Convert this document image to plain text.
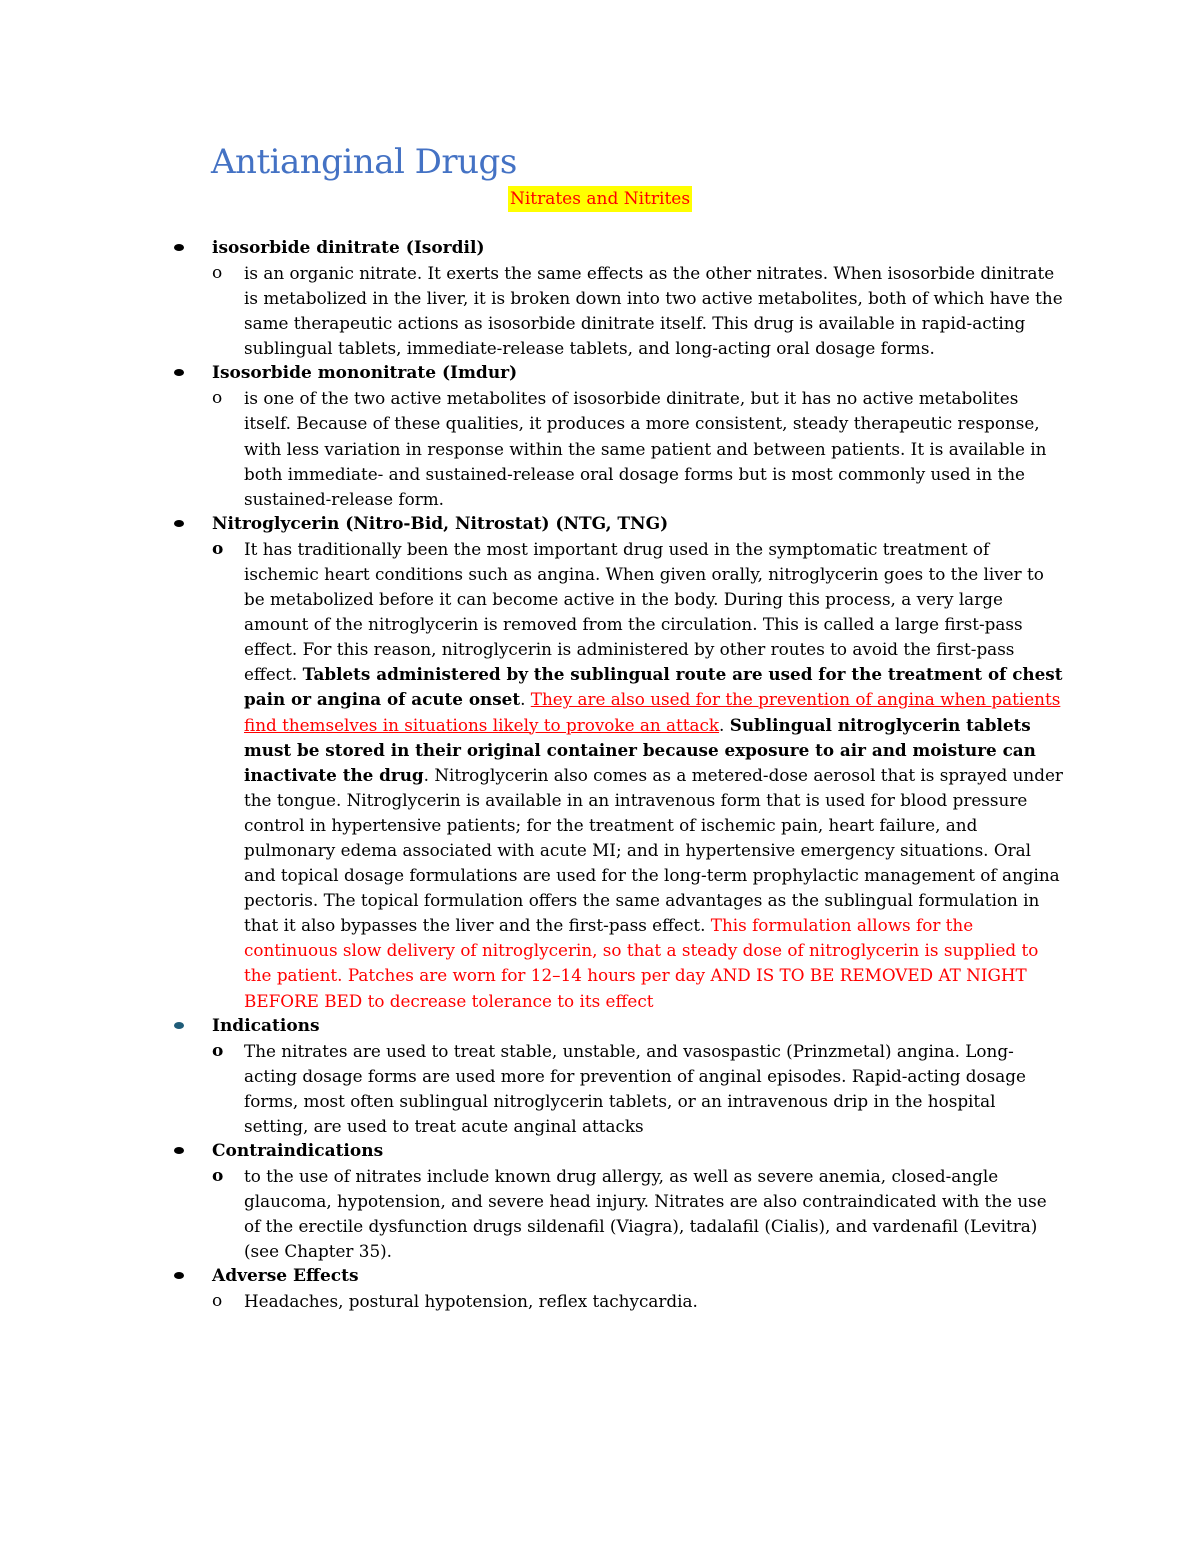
Antianginal Drugs
Nitrates and Nitrites
isosorbide dinitrate (Isordil)
o is an organic nitrate. It exerts the same effects as the other nitrates. When isosorbide dinitrate is metabolized in the liver, it is broken down into two active metabolites, both of which have the same therapeutic actions as isosorbide dinitrate itself. This drug is available in rapid-acting sublingual tablets, immediate-release tablets, and long-acting oral dosage forms.
Isosorbide mononitrate (Imdur)
o is one of the two active metabolites of isosorbide dinitrate, but it has no active metabolites itself. Because of these qualities, it produces a more consistent, steady therapeutic response, with less variation in response within the same patient and between patients. It is available in both immediate- and sustained-release oral dosage forms but is most commonly used in the sustained-release form.
Nitroglycerin (Nitro-Bid, Nitrostat) (NTG, TNG)
o It has traditionally been the most important drug used in the symptomatic treatment of ischemic heart conditions such as angina. When given orally, nitroglycerin goes to the liver to be metabolized before it can become active in the body. During this process, a very large amount of the nitroglycerin is removed from the circulation. This is called a large first-pass effect. For this reason, nitroglycerin is administered by other routes to avoid the first-pass effect. Tablets administered by the sublingual route are used for the treatment of chest pain or angina of acute onset. They are also used for the prevention of angina when patients find themselves in situations likely to provoke an attack. Sublingual nitroglycerin tablets must be stored in their original container because exposure to air and moisture can inactivate the drug. Nitroglycerin also comes as a metered-dose aerosol that is sprayed under the tongue. Nitroglycerin is available in an intravenous form that is used for blood pressure control in hypertensive patients; for the treatment of ischemic pain, heart failure, and pulmonary edema associated with acute MI; and in hypertensive emergency situations. Oral and topical dosage formulations are used for the long-term prophylactic management of angina pectoris. The topical formulation offers the same advantages as the sublingual formulation in that it also bypasses the liver and the first-pass effect. This formulation allows for the continuous slow delivery of nitroglycerin, so that a steady dose of nitroglycerin is supplied to the patient. Patches are worn for 12–14 hours per day AND IS TO BE REMOVED AT NIGHT BEFORE BED to decrease tolerance to its effect
Indications
o The nitrates are used to treat stable, unstable, and vasospastic (Prinzmetal) angina. Long-acting dosage forms are used more for prevention of anginal episodes. Rapid-acting dosage forms, most often sublingual nitroglycerin tablets, or an intravenous drip in the hospital setting, are used to treat acute anginal attacks
Contraindications
o to the use of nitrates include known drug allergy, as well as severe anemia, closed-angle glaucoma, hypotension, and severe head injury. Nitrates are also contraindicated with the use of the erectile dysfunction drugs sildenafil (Viagra), tadalafil (Cialis), and vardenafil (Levitra) (see Chapter 35).
Adverse Effects
o Headaches, postural hypotension, reflex tachycardia.
